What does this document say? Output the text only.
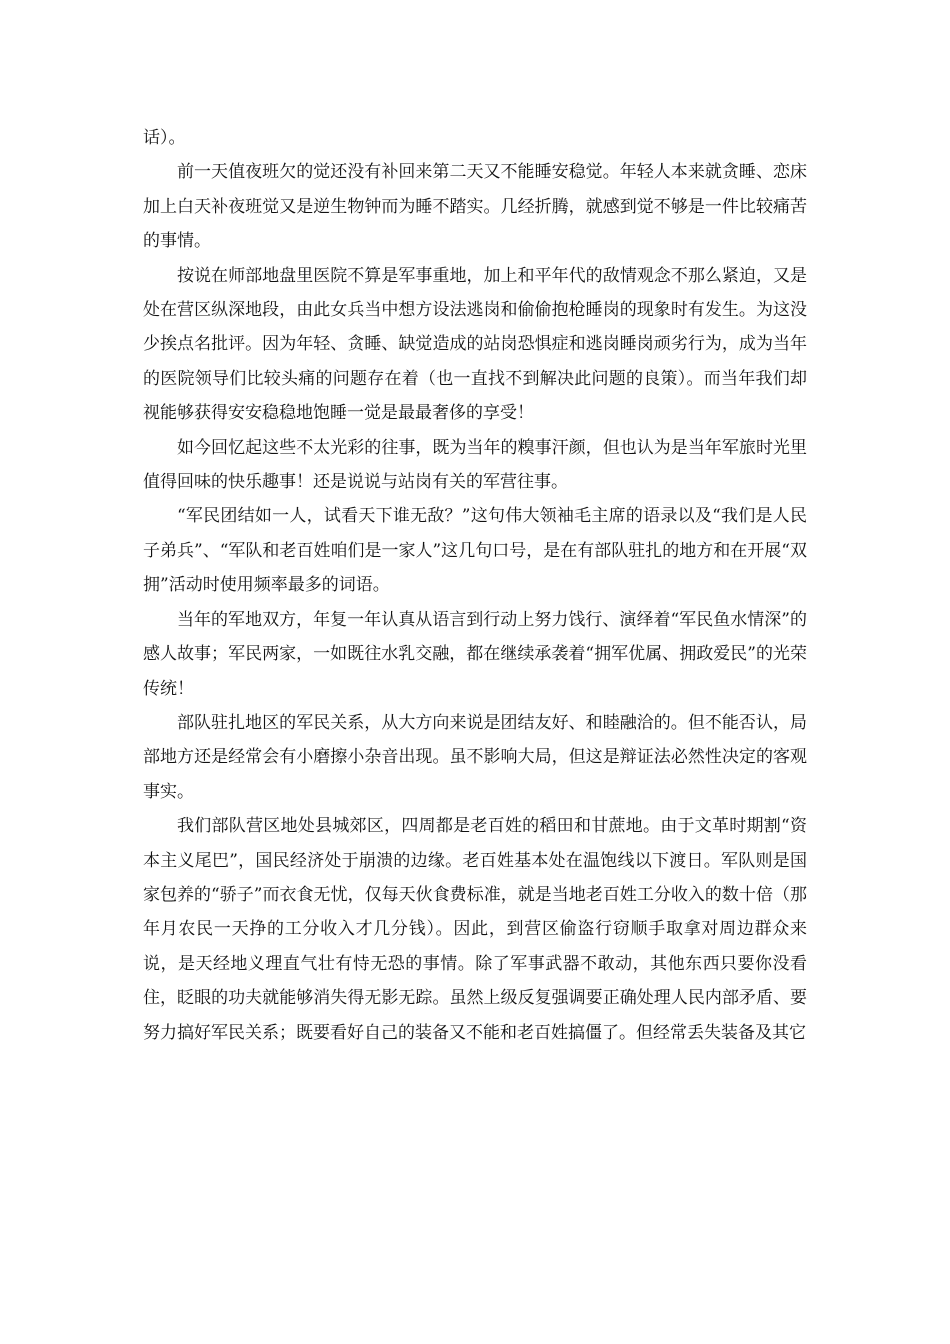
话）。

前一天值夜班欠的觉还没有补回来第二天又不能睡安稳觉。年轻人本来就贪睡、恋床加上白天补夜班觉又是逆生物钟而为睡不踏实。几经折腾，就感到觉不够是一件比较痛苦的事情。

按说在师部地盘里医院不算是军事重地，加上和平年代的敌情观念不那么紧迫，又是处在营区纵深地段，由此女兵当中想方设法逃岗和偷偷抱枪睡岗的现象时有发生。为这没少挨点名批评。因为年轻、贪睡、缺觉造成的站岗恐惧症和逃岗睡岗顽劣行为，成为当年的医院领导们比较头痛的问题存在着（也一直找不到解决此问题的良策）。而当年我们却视能够获得安安稳稳地饱睡一觉是最最奢侈的享受！

如今回忆起这些不太光彩的往事，既为当年的糗事汗颜，但也认为是当年军旅时光里值得回味的快乐趣事！还是说说与站岗有关的军营往事。

“军民团结如一人，试看天下谁无敌？”这句伟大领袖毛主席的语录以及“我们是人民子弟兵”、“军队和老百姓咱们是一家人”这几句口号，是在有部队驻扎的地方和在开展“双拥”活动时使用频率最多的词语。

当年的军地双方，年复一年认真从语言到行动上努力饯行、演绎着“军民鱼水情深”的感人故事；军民两家，一如既往水乳交融，都在继续承袭着“拥军优属、拥政爱民”的光荣传统！

部队驻扎地区的军民关系，从大方向来说是团结友好、和睦融洽的。但不能否认，局部地方还是经常会有小磨擦小杂音出现。虽不影响大局，但这是辩证法必然性决定的客观事实。

我们部队营区地处县城郊区，四周都是老百姓的稻田和甘蔗地。由于文革时期割“资本主义尾巴”，国民经济处于崩溃的边缘。老百姓基本处在温饱线以下渡日。军队则是国家包养的“骄子”而衣食无忧，仅每天伙食费标准，就是当地老百姓工分收入的数十倍（那年月农民一天挣的工分收入才几分钱）。因此，到营区偷盗行窃顺手取拿对周边群众来说，是天经地义理直气壮有恃无恐的事情。除了军事武器不敢动，其他东西只要你没看住，眨眼的功夫就能够消失得无影无踪。虽然上级反复强调要正确处理人民内部矛盾、要努力搞好军民关系；既要看好自己的装备又不能和老百姓搞僵了。但经常丢失装备及其它
